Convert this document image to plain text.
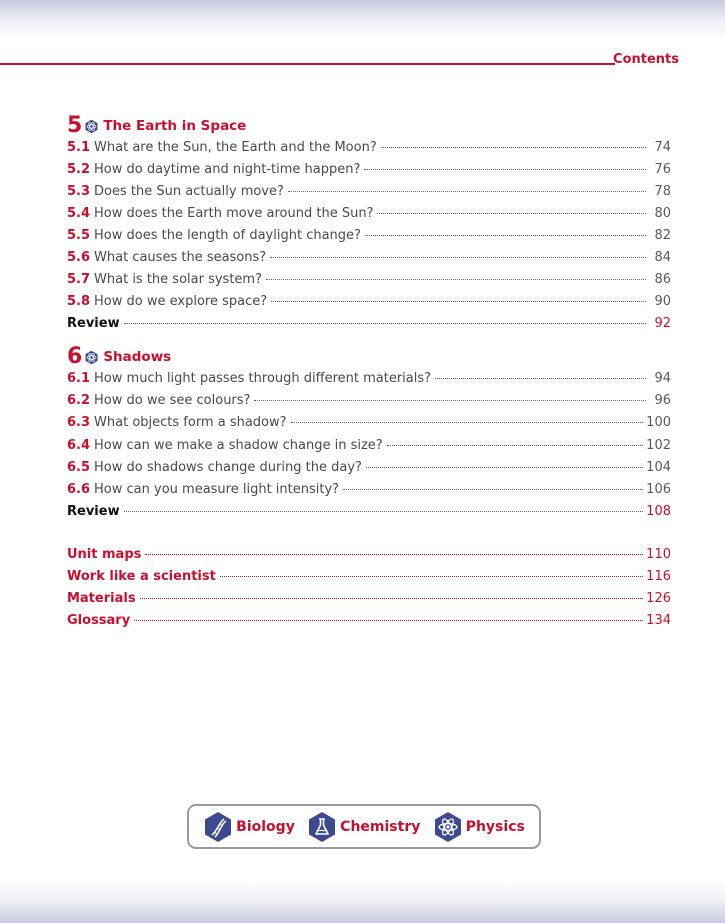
Contents
5 The Earth in Space
5.1 What are the Sun, the Earth and the Moon?	74
5.2 How do daytime and night-time happen?	76
5.3 Does the Sun actually move?	78
5.4 How does the Earth move around the Sun?	80
5.5 How does the length of daylight change?	82
5.6 What causes the seasons?	84
5.7 What is the solar system?	86
5.8 How do we explore space?	90
Review	92
6 Shadows
6.1 How much light passes through different materials?	94
6.2 How do we see colours?	96
6.3 What objects form a shadow?	100
6.4 How can we make a shadow change in size?	102
6.5 How do shadows change during the day?	104
6.6 How can you measure light intensity?	106
Review	108
Unit maps	110
Work like a scientist	116
Materials	126
Glossary	134
Biology	Chemistry	Physics
